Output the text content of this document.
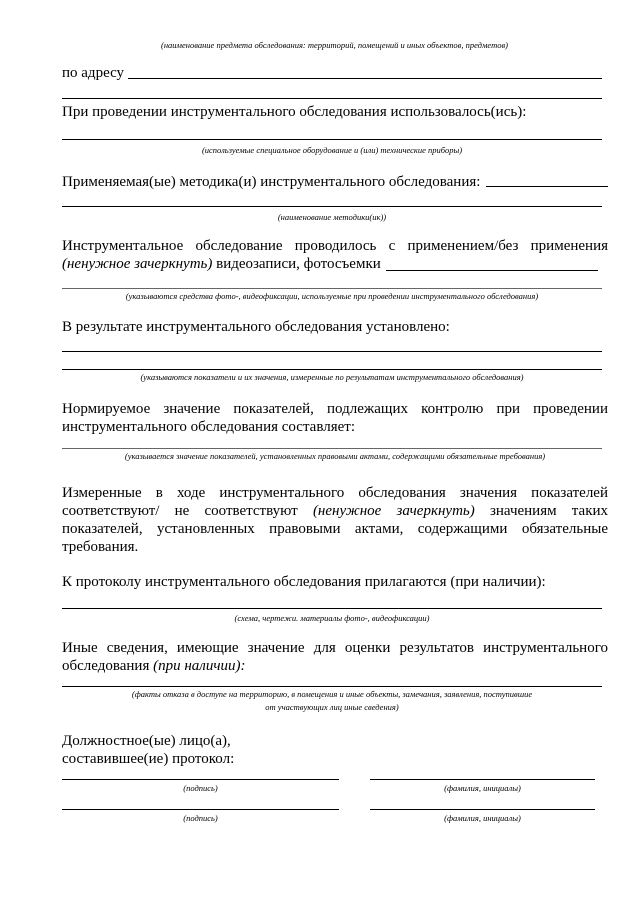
(наименование предмета обследования: территорий, помещений и иных объектов, предметов)
по адресу
При проведении инструментального обследования использовалось(ись):
(используемые специальное оборудование и (или) технические приборы)
Применяемая(ые) методика(и) инструментального обследования:
(наименование методики(ик))
Инструментальное обследование проводилось с применением/без применения
(ненужное зачеркнуть) видеозаписи, фотосъемки
(указываются средства фото-, видеофиксации, используемые при проведении инструментального обследования)
В результате инструментального обследования установлено:
(указываются показатели и их значения, измеренные по результатам инструментального обследования)
Нормируемое значение показателей, подлежащих контролю при проведении
инструментального обследования составляет:
(указывается значение показателей, установленных правовыми актами, содержащими обязательные требования)
Измеренные в ходе инструментального обследования значения показателей
соответствуют/ не соответствуют (ненужное зачеркнуть) значениям таких
показателей, установленных правовыми актами, содержащими обязательные
требования.
К протоколу инструментального обследования прилагаются (при наличии):
(схема, чертежи. материалы фото-, видеофиксации)
Иные сведения, имеющие значение для оценки результатов инструментального
обследования (при наличии):
(факты отказа в доступе на территорию, в помещения и иные объекты, замечания, заявления, поступившие
от участвующих лиц иные сведения)
Должностное(ые) лицо(а),
составившее(ие) протокол:
(подпись)	(фамилия, инициалы)
(подпись)	(фамилия, инициалы)
